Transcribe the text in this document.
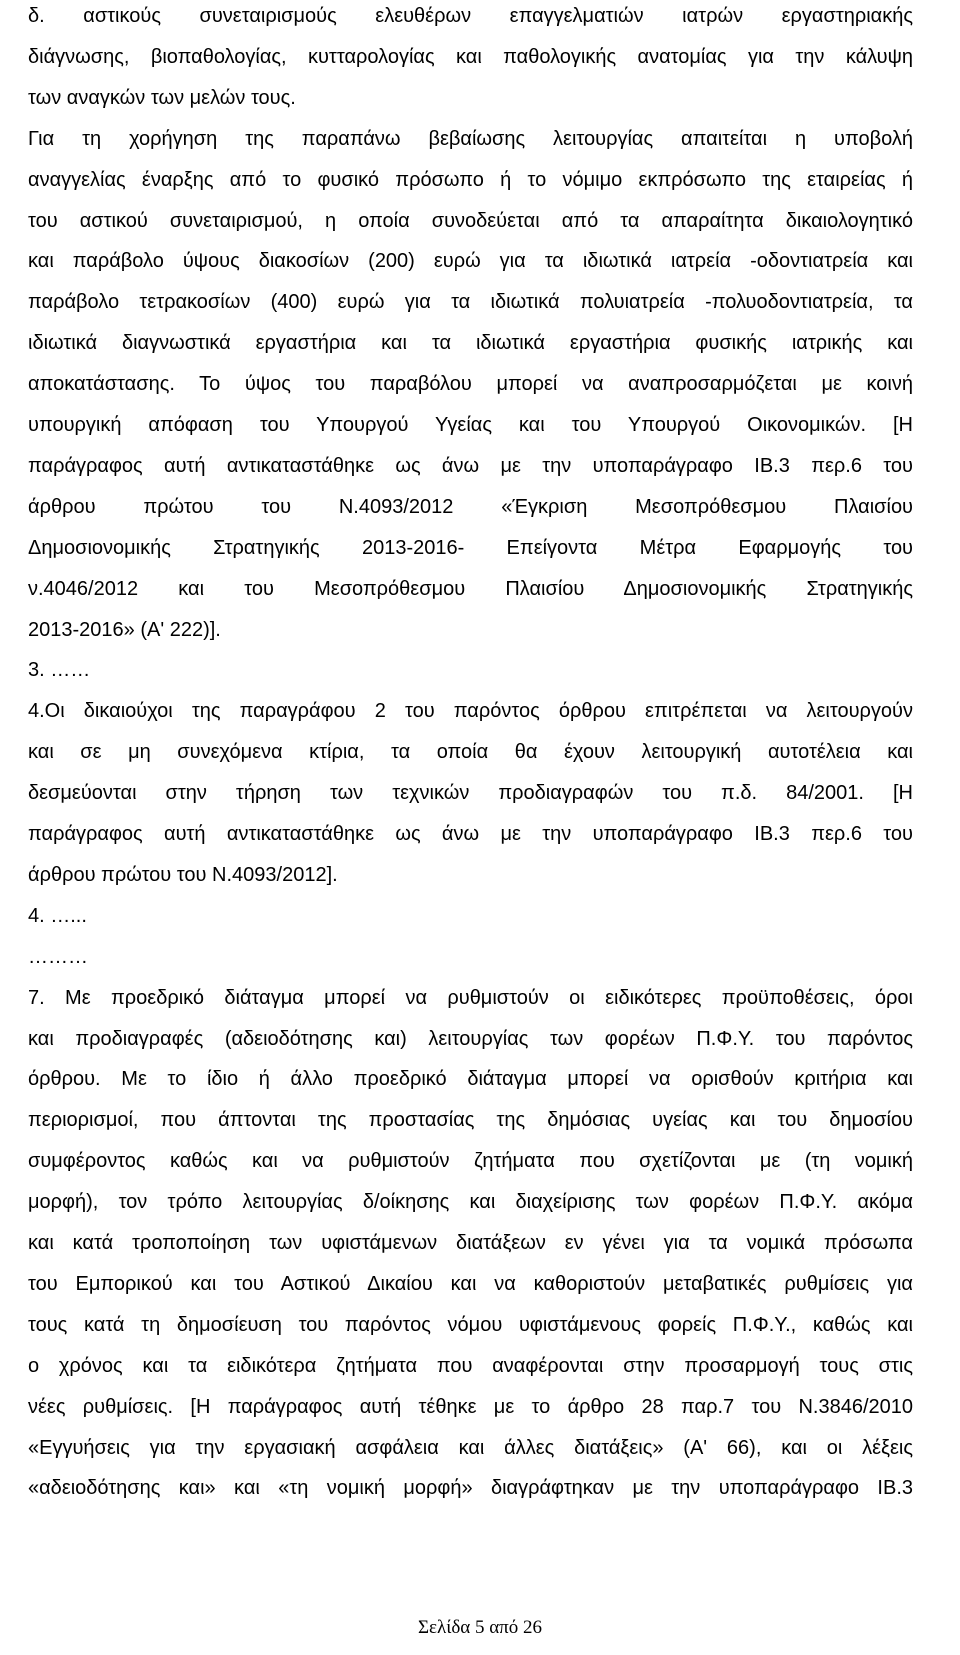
δ. αστικούς συνεταιρισμούς ελευθέρων επαγγελματιών ιατρών εργαστηριακής
διάγνωσης, βιοπαθολογίας, κυτταρολογίας και παθολογικής ανατομίας για την κάλυψη
των αναγκών των μελών τους.
Για τη χορήγηση της παραπάνω βεβαίωσης λειτουργίας απαιτείται η υποβολή
αναγγελίας έναρξης από το φυσικό πρόσωπο ή το νόμιμο εκπρόσωπο της εταιρείας ή
του αστικού συνεταιρισμού, η οποία συνοδεύεται από τα απαραίτητα δικαιολογητικό
και παράβολο ύψους διακοσίων (200) ευρώ για τα ιδιωτικά ιατρεία -οδοντιατρεία και
παράβολο τετρακοσίων (400) ευρώ για τα ιδιωτικά πολυιατρεία -πολυοδοντιατρεία, τα
ιδιωτικά διαγνωστικά εργαστήρια και τα ιδιωτικά εργαστήρια φυσικής ιατρικής και
αποκατάστασης. Το ύψος του παραβόλου μπορεί να αναπροσαρμόζεται με κοινή
υπουργική απόφαση του Υπουργού Υγείας και του Υπουργού Οικονομικών. [Η
παράγραφος αυτή αντικαταστάθηκε ως άνω με την υποπαράγραφο ΙΒ.3 περ.6 του
άρθρου πρώτου του Ν.4093/2012 «Έγκριση Μεσοπρόθεσμου Πλαισίου
Δημοσιονομικής Στρατηγικής 2013-2016- Επείγοντα Μέτρα Εφαρμογής του
ν.4046/2012 και του Μεσοπρόθεσμου Πλαισίου Δημοσιονομικής Στρατηγικής
2013-2016» (Α' 222)].
3. ……
4.Οι δικαιούχοι της παραγράφου 2 του παρόντος όρθρου επιτρέπεται να λειτουργούν
και σε μη συνεχόμενα κτίρια, τα οποία θα έχουν λειτουργική αυτοτέλεια και
δεσμεύονται στην τήρηση των τεχνικών προδιαγραφών του π.δ. 84/2001. [Η
παράγραφος αυτή αντικαταστάθηκε ως άνω με την υποπαράγραφο ΙΒ.3 περ.6 του
άρθρου πρώτου του Ν.4093/2012].
4. …...
………
7. Με προεδρικό διάταγμα μπορεί να ρυθμιστούν οι ειδικότερες προϋποθέσεις, όροι
και προδιαγραφές (αδειοδότησης και) λειτουργίας των φορέων Π.Φ.Υ. του παρόντος
όρθρου. Με το ίδιο ή άλλο προεδρικό διάταγμα μπορεί να ορισθούν κριτήρια και
περιορισμοί, που άπτονται της προστασίας της δημόσιας υγείας και του δημοσίου
συμφέροντος καθώς και να ρυθμιστούν ζητήματα που σχετίζονται με (τη νομική
μορφή), τον τρόπο λειτουργίας δ/οίκησης και διαχείρισης των φορέων Π.Φ.Υ. ακόμα
και κατά τροποποίηση των υφιστάμενων διατάξεων εν γένει για τα νομικά πρόσωπα
του Εμπορικού και του Αστικού Δικαίου και να καθοριστούν μεταβατικές ρυθμίσεις για
τους κατά τη δημοσίευση του παρόντος νόμου υφιστάμενους φορείς Π.Φ.Υ., καθώς και
ο χρόνος και τα ειδικότερα ζητήματα που αναφέρονται στην προσαρμογή τους στις
νέες ρυθμίσεις. [Η παράγραφος αυτή τέθηκε με το άρθρο 28 παρ.7 του Ν.3846/2010
«Εγγυήσεις για την εργασιακή ασφάλεια και άλλες διατάξεις» (Α' 66), και οι λέξεις
«αδειοδότησης και» και «τη νομική μορφή» διαγράφτηκαν με την υποπαράγραφο ΙΒ.3
Σελίδα 5 από 26
